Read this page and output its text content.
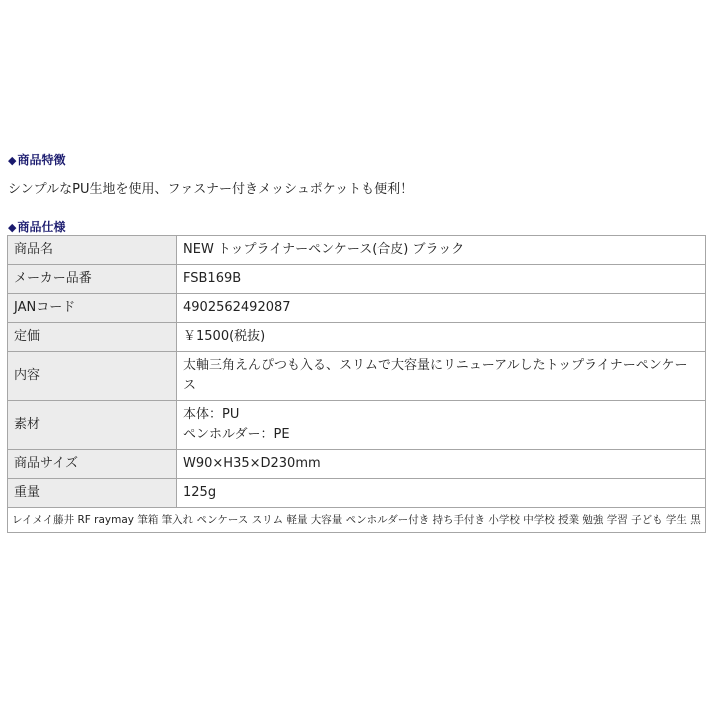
◆商品特徴
シンプルなPU生地を使用、ファスナー付きメッシュポケットも便利！
◆商品仕様
商品名	NEW トップライナーペンケース(合皮) ブラック
メーカー品番	FSB169B
JANコード	4902562492087
定価	￥1500(税抜)
内容	太軸三角えんぴつも入る、スリムで大容量にリニューアルしたトップライナーペンケース
素材	本体：PU
ペンホルダー：PE

商品サイズ	W90×H35×D230mm
重量	125g
レイメイ藤井 RF raymay 筆箱 筆入れ ペンケース スリム 軽量 大容量 ペンホルダー付き 持ち手付き 小学校 中学校 授業 勉強 学習 子ども 学生 黒	
